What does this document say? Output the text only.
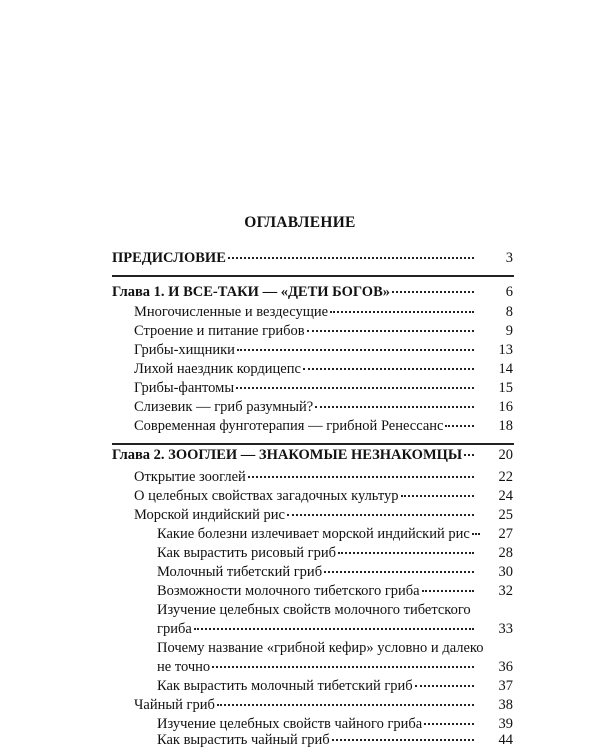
ОГЛАВЛЕНИЕ
ПРЕДИСЛОВИЕ	3
Глава 1. И ВСЕ-ТАКИ — «ДЕТИ БОГОВ»	6
Многочисленные и вездесущие	8
Строение и питание грибов	9
Грибы-хищники	13
Лихой наездник кордицепс	14
Грибы-фантомы	15
Слизевик — гриб разумный?	16
Современная фунготерапия — грибной Ренессанс	18
Глава 2. ЗООГЛЕИ — ЗНАКОМЫЕ НЕЗНАКОМЦЫ	20
Открытие зооглей	22
О целебных свойствах загадочных культур	24
Морской индийский рис	25
Какие болезни излечивает морской индийский рис	27
Как вырастить рисовый гриб	28
Молочный тибетский гриб	30
Возможности молочного тибетского гриба	32
Изучение целебных свойств молочного тибетского
гриба	33
Почему название «грибной кефир» условно и далеко
не точно	36
Как вырастить молочный тибетский гриб	37
Чайный гриб	38
Изучение целебных свойств чайного гриба	39
Как вырастить чайный гриб	44
